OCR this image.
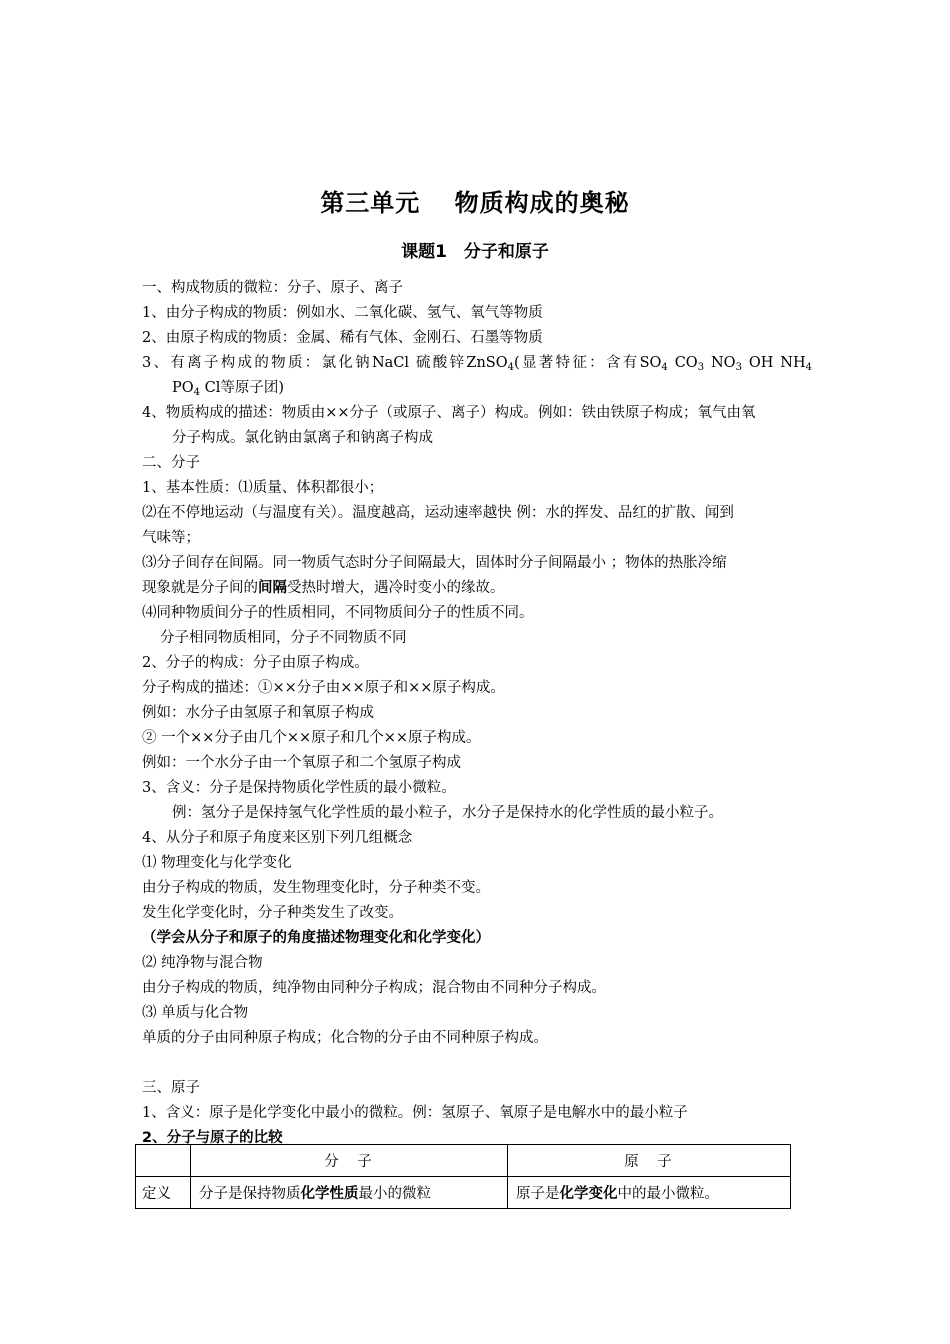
第三单元　 物质构成的奥秘
课题1　分子和原子
一、构成物质的微粒：分子、原子、离子
1、由分子构成的物质：例如水、二氧化碳、氢气、氧气等物质
2、由原子构成的物质：金属、稀有气体、金刚石、石墨等物质
3、有离子构成的物质：氯化钠NaCl 硫酸锌ZnSO$_4$(显著特征：含有$SO_4$ $CO_3$ $NO_3$ OH $NH_4$
$PO_4$ Cl等原子团)
4、物质构成的描述：物质由××分子（或原子、离子）构成。例如：铁由铁原子构成；氧气由氧
分子构成。氯化钠由氯离子和钠离子构成
二、分子
1、基本性质：⑴质量、体积都很小；
⑵在不停地运动（与温度有关）。温度越高，运动速率越快 例：水的挥发、品红的扩散、闻到
气味等；
⑶分子间存在间隔。同一物质气态时分子间隔最大，固体时分子间隔最小 ；物体的热胀冷缩
现象就是分子间的间隔受热时增大，遇冷时变小的缘故。
⑷同种物质间分子的性质相同，不同物质间分子的性质不同。
分子相同物质相同，分子不同物质不同
2、分子的构成：分子由原子构成。
分子构成的描述：①××分子由××原子和××原子构成。
例如：水分子由氢原子和氧原子构成
② 一个××分子由几个××原子和几个××原子构成。
例如：一个水分子由一个氧原子和二个氢原子构成
3、含义：分子是保持物质化学性质的最小微粒。
例：氢分子是保持氢气化学性质的最小粒子，水分子是保持水的化学性质的最小粒子。
4、从分子和原子角度来区别下列几组概念
⑴ 物理变化与化学变化
由分子构成的物质，发生物理变化时，分子种类不变。
发生化学变化时，分子种类发生了改变。
（学会从分子和原子的角度描述物理变化和化学变化）
⑵ 纯净物与混合物
由分子构成的物质，纯净物由同种分子构成；混合物由不同种分子构成。
⑶ 单质与化合物
单质的分子由同种原子构成；化合物的分子由不同种原子构成。
三、原子
1、含义：原子是化学变化中最小的微粒。例：氢原子、氧原子是电解水中的最小粒子
2、分子与原子的比较
	分　子	原　子
定义	分子是保持物质化学性质最小的微粒	原子是化学变化中的最小微粒。
